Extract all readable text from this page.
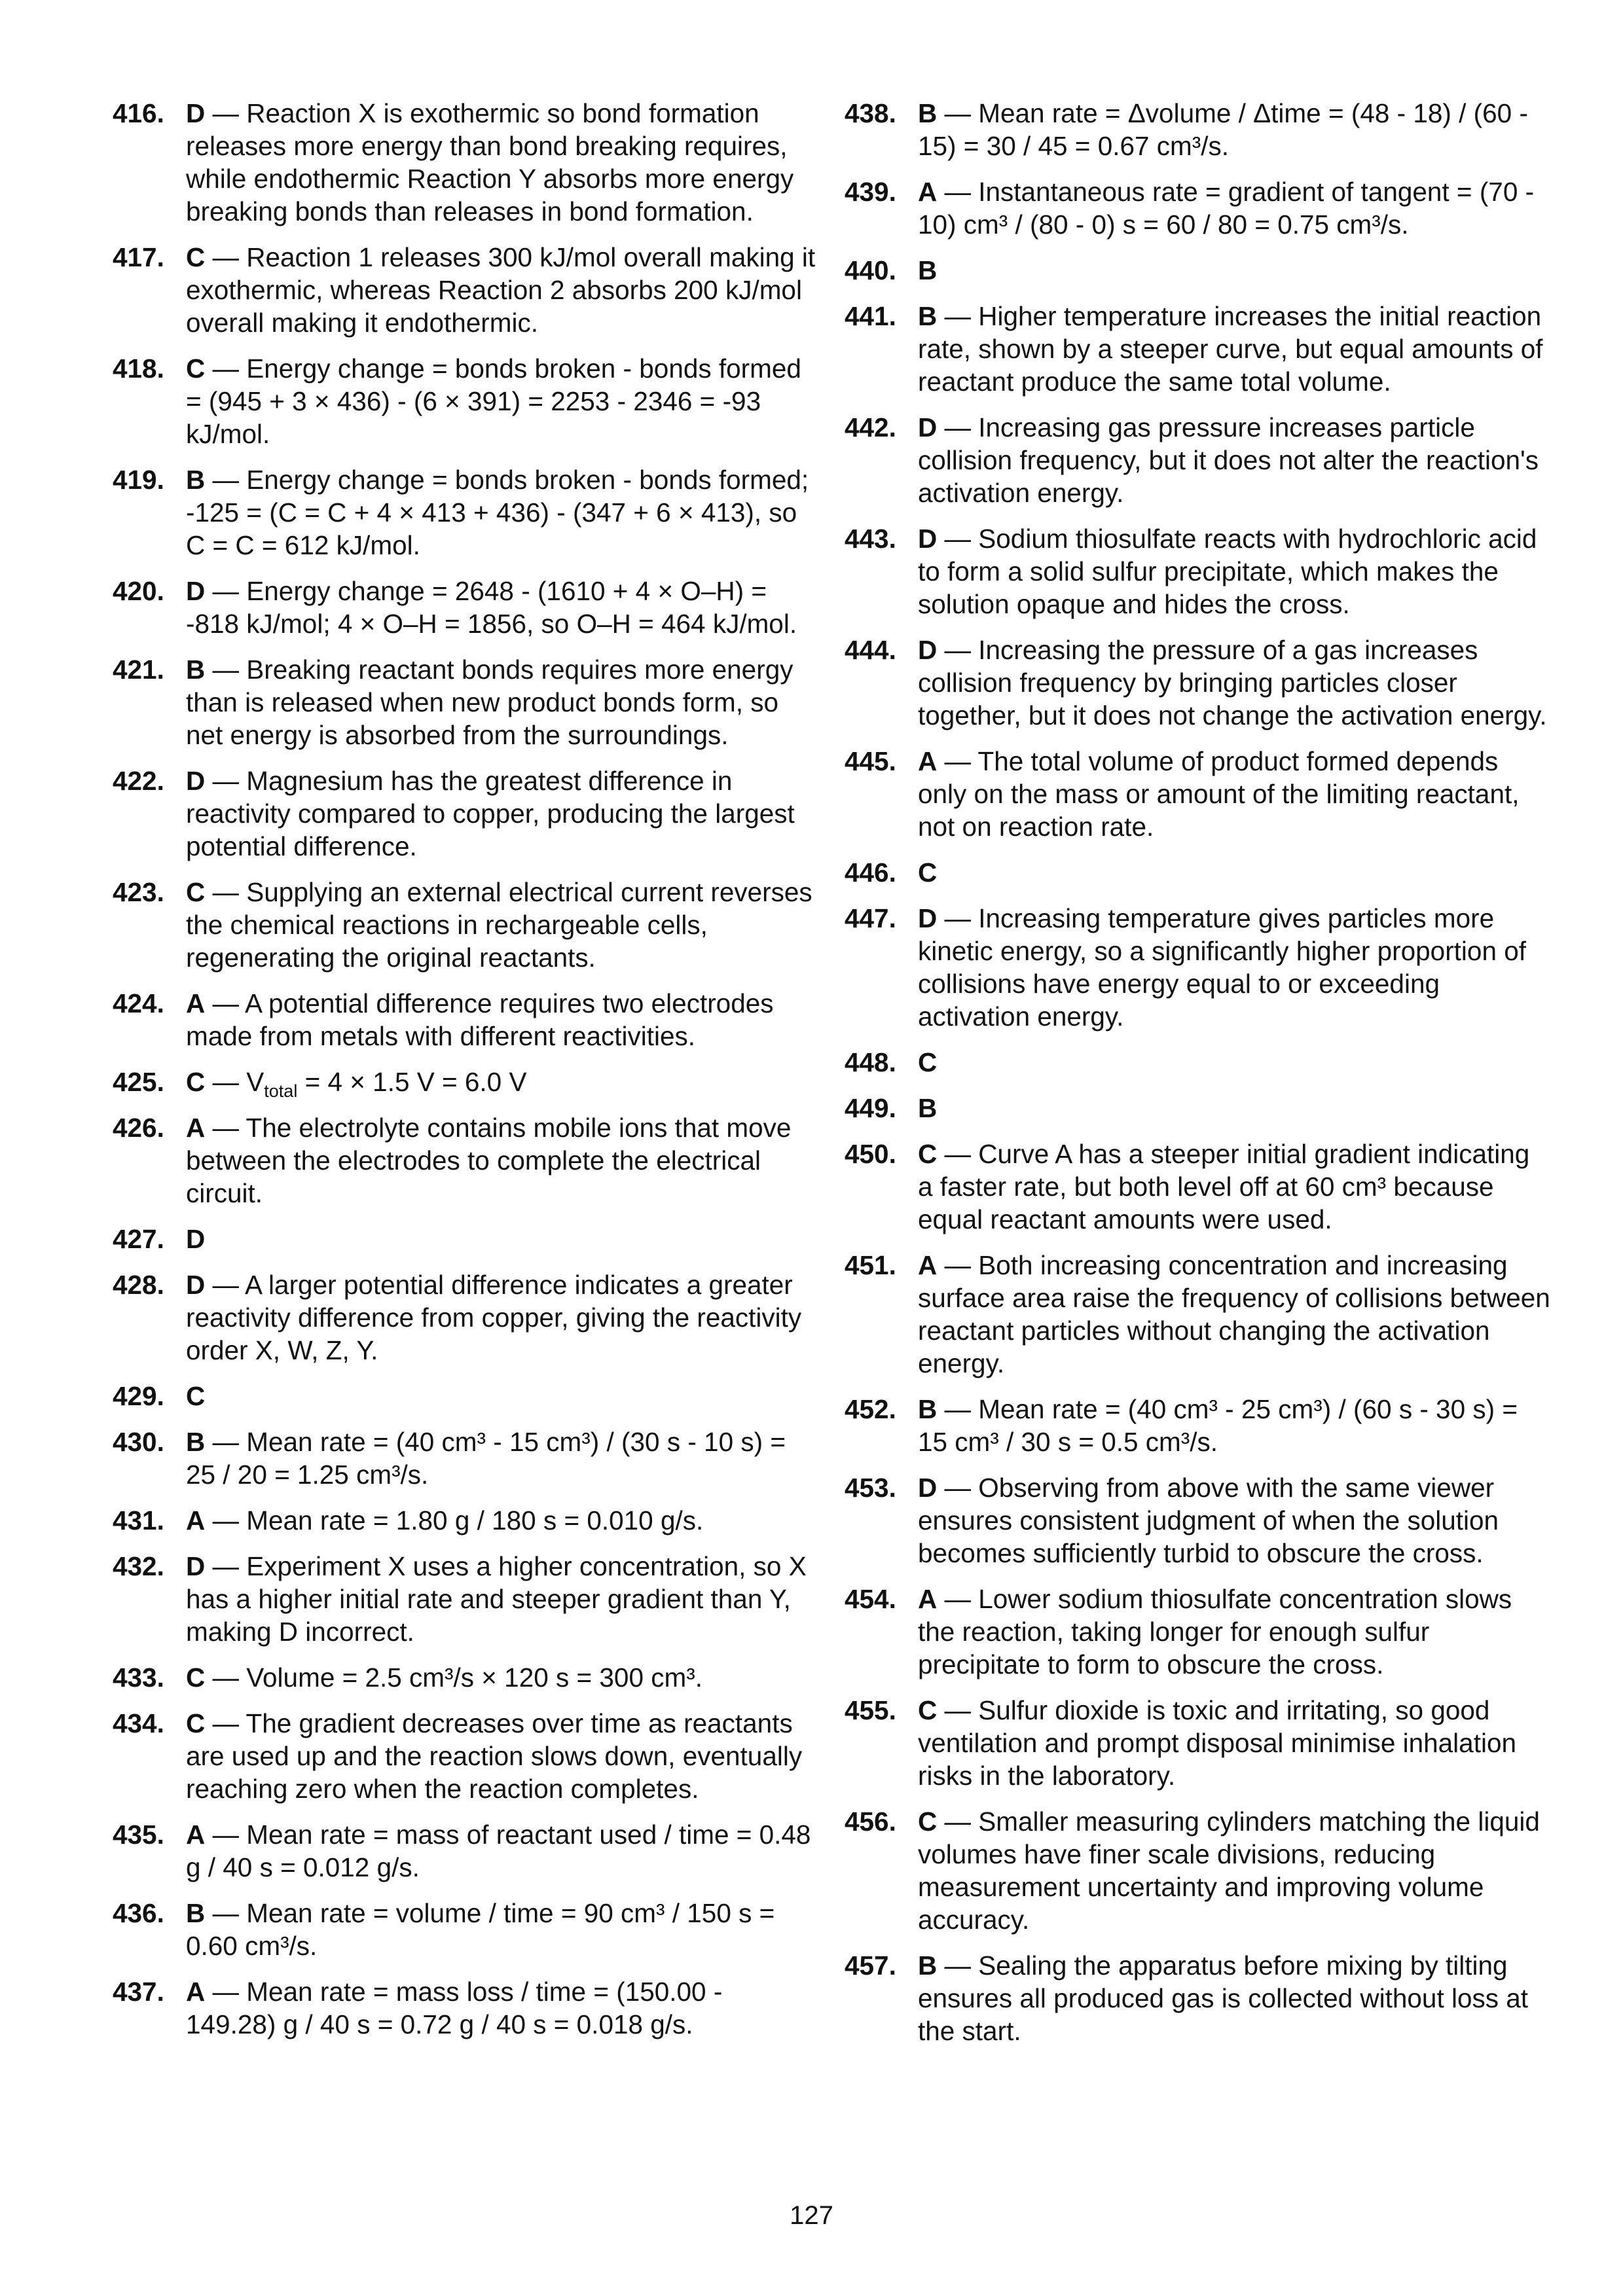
416. D — Reaction X is exothermic so bond formation releases more energy than bond breaking requires, while endothermic Reaction Y absorbs more energy breaking bonds than releases in bond formation.
417. C — Reaction 1 releases 300 kJ/mol overall making it exothermic, whereas Reaction 2 absorbs 200 kJ/mol overall making it endothermic.
418. C — Energy change = bonds broken - bonds formed = (945 + 3 × 436) - (6 × 391) = 2253 - 2346 = -93 kJ/mol.
419. B — Energy change = bonds broken - bonds formed; -125 = (C = C + 4 × 413 + 436) - (347 + 6 × 413), so C = C = 612 kJ/mol.
420. D — Energy change = 2648 - (1610 + 4 × O–H) = -818 kJ/mol; 4 × O–H = 1856, so O–H = 464 kJ/mol.
421. B — Breaking reactant bonds requires more energy than is released when new product bonds form, so net energy is absorbed from the surroundings.
422. D — Magnesium has the greatest difference in reactivity compared to copper, producing the largest potential difference.
423. C — Supplying an external electrical current reverses the chemical reactions in rechargeable cells, regenerating the original reactants.
424. A — A potential difference requires two electrodes made from metals with different reactivities.
425. C — $V_{total} = 4 \times 1.5$ V = 6.0 V
426. A — The electrolyte contains mobile ions that move between the electrodes to complete the electrical circuit.
427. D
428. D — A larger potential difference indicates a greater reactivity difference from copper, giving the reactivity order X, W, Z, Y.
429. C
430. B — Mean rate = (40 cm³ - 15 cm³) / (30 s - 10 s) = 25 / 20 = 1.25 cm³/s.
431. A — Mean rate = 1.80 g / 180 s = 0.010 g/s.
432. D — Experiment X uses a higher concentration, so X has a higher initial rate and steeper gradient than Y, making D incorrect.
433. C — Volume = 2.5 cm³/s × 120 s = 300 cm³.
434. C — The gradient decreases over time as reactants are used up and the reaction slows down, eventually reaching zero when the reaction completes.
435. A — Mean rate = mass of reactant used / time = 0.48 g / 40 s = 0.012 g/s.
436. B — Mean rate = volume / time = 90 cm³ / 150 s = 0.60 cm³/s.
437. A — Mean rate = mass loss / time = (150.00 - 149.28) g / 40 s = 0.72 g / 40 s = 0.018 g/s.
438. B — Mean rate = Δvolume / Δtime = (48 - 18) / (60 - 15) = 30 / 45 = 0.67 cm³/s.
439. A — Instantaneous rate = gradient of tangent = (70 - 10) cm³ / (80 - 0) s = 60 / 80 = 0.75 cm³/s.
440. B
441. B — Higher temperature increases the initial reaction rate, shown by a steeper curve, but equal amounts of reactant produce the same total volume.
442. D — Increasing gas pressure increases particle collision frequency, but it does not alter the reaction's activation energy.
443. D — Sodium thiosulfate reacts with hydrochloric acid to form a solid sulfur precipitate, which makes the solution opaque and hides the cross.
444. D — Increasing the pressure of a gas increases collision frequency by bringing particles closer together, but it does not change the activation energy.
445. A — The total volume of product formed depends only on the mass or amount of the limiting reactant, not on reaction rate.
446. C
447. D — Increasing temperature gives particles more kinetic energy, so a significantly higher proportion of collisions have energy equal to or exceeding activation energy.
448. C
449. B
450. C — Curve A has a steeper initial gradient indicating a faster rate, but both level off at 60 cm³ because equal reactant amounts were used.
451. A — Both increasing concentration and increasing surface area raise the frequency of collisions between reactant particles without changing the activation energy.
452. B — Mean rate = (40 cm³ - 25 cm³) / (60 s - 30 s) = 15 cm³ / 30 s = 0.5 cm³/s.
453. D — Observing from above with the same viewer ensures consistent judgment of when the solution becomes sufficiently turbid to obscure the cross.
454. A — Lower sodium thiosulfate concentration slows the reaction, taking longer for enough sulfur precipitate to form to obscure the cross.
455. C — Sulfur dioxide is toxic and irritating, so good ventilation and prompt disposal minimise inhalation risks in the laboratory.
456. C — Smaller measuring cylinders matching the liquid volumes have finer scale divisions, reducing measurement uncertainty and improving volume accuracy.
457. B — Sealing the apparatus before mixing by tilting ensures all produced gas is collected without loss at the start.
127
